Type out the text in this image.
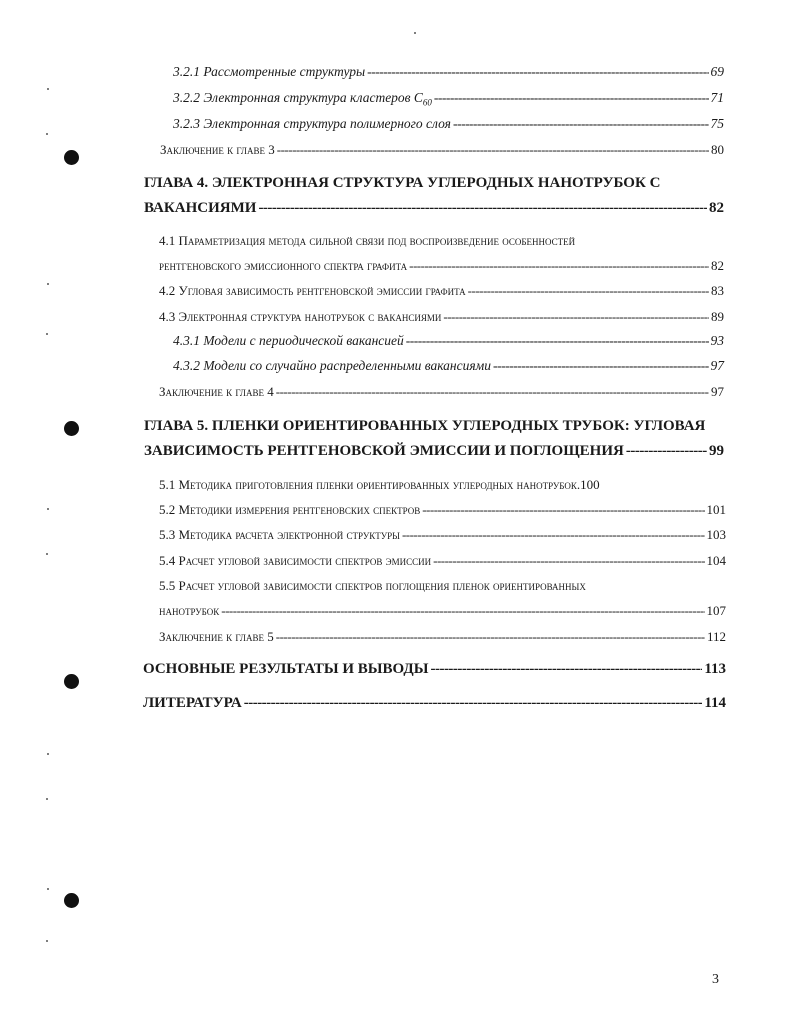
3.2.1 Рассмотренные структуры -----	69
3.2.2 Электронная структура кластеров $C_{60}$ -----	71
3.2.3 Электронная структура полимерного слоя -----	75
Заключение к главе 3 -----	80
ГЛАВА 4. ЭЛЕКТРОННАЯ СТРУКТУРА УГЛЕРОДНЫХ НАНОТРУБОК С
ВАКАНСИЯМИ -----	82
4.1 Параметризация метода сильной связи под воспроизведение особенностей
рентгеновского эмиссионного спектра графита -----	82
4.2 Угловая зависимость рентгеновской эмиссии графита -----	83
4.3 Электронная структура нанотрубок с вакансиями -----	89
4.3.1 Модели с периодической вакансией -----	93
4.3.2 Модели со случайно распределенными вакансиями -----	97
Заключение к главе 4 -----	97
ГЛАВА 5. ПЛЕНКИ ОРИЕНТИРОВАННЫХ УГЛЕРОДНЫХ ТРУБОК: УГЛОВАЯ
ЗАВИСИМОСТЬ РЕНТГЕНОВСКОЙ ЭМИССИИ И ПОГЛОЩЕНИЯ -----	99
5.1 Методика приготовления пленки ориентированных углеродных нанотрубок. 100
5.2 Методики измерения рентгеновских спектров -----	101
5.3 Методика расчета электронной структуры -----	103
5.4 Расчет угловой зависимости спектров эмиссии -----	104
5.5 Расчет угловой зависимости спектров поглощения пленок ориентированных
нанотрубок -----	107
Заключение к главе 5 -----	112
ОСНОВНЫЕ РЕЗУЛЬТАТЫ И ВЫВОДЫ -----	113
ЛИТЕРАТУРА -----	114
3
